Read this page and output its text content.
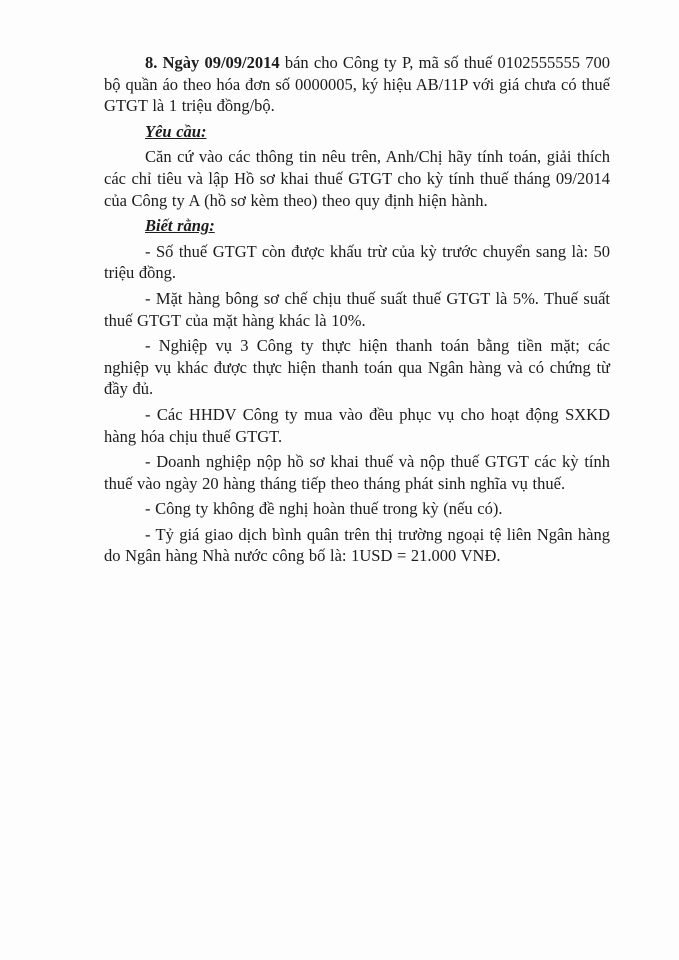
8. Ngày 09/09/2014 bán cho Công ty P, mã số thuế 0102555555 700 bộ quần áo theo hóa đơn số 0000005, ký hiệu AB/11P với giá chưa có thuế GTGT là 1 triệu đồng/bộ.

Yêu cầu:

Căn cứ vào các thông tin nêu trên, Anh/Chị hãy tính toán, giải thích các chỉ tiêu và lập Hồ sơ khai thuế GTGT cho kỳ tính thuế tháng 09/2014 của Công ty A (hồ sơ kèm theo) theo quy định hiện hành.

Biết rằng:

- Số thuế GTGT còn được khấu trừ của kỳ trước chuyển sang là: 50 triệu đồng.

- Mặt hàng bông sơ chế chịu thuế suất thuế GTGT là 5%. Thuế suất thuế GTGT của mặt hàng khác là 10%.

- Nghiệp vụ 3 Công ty thực hiện thanh toán bằng tiền mặt; các nghiệp vụ khác được thực hiện thanh toán qua Ngân hàng và có chứng từ đầy đủ.

- Các HHDV Công ty mua vào đều phục vụ cho hoạt động SXKD hàng hóa chịu thuế GTGT.

- Doanh nghiệp nộp hồ sơ khai thuế và nộp thuế GTGT các kỳ tính thuế vào ngày 20 hàng tháng tiếp theo tháng phát sinh nghĩa vụ thuế.

- Công ty không đề nghị hoàn thuế trong kỳ (nếu có).

- Tỷ giá giao dịch bình quân trên thị trường ngoại tệ liên Ngân hàng do Ngân hàng Nhà nước công bố là: 1USD = 21.000 VNĐ.
